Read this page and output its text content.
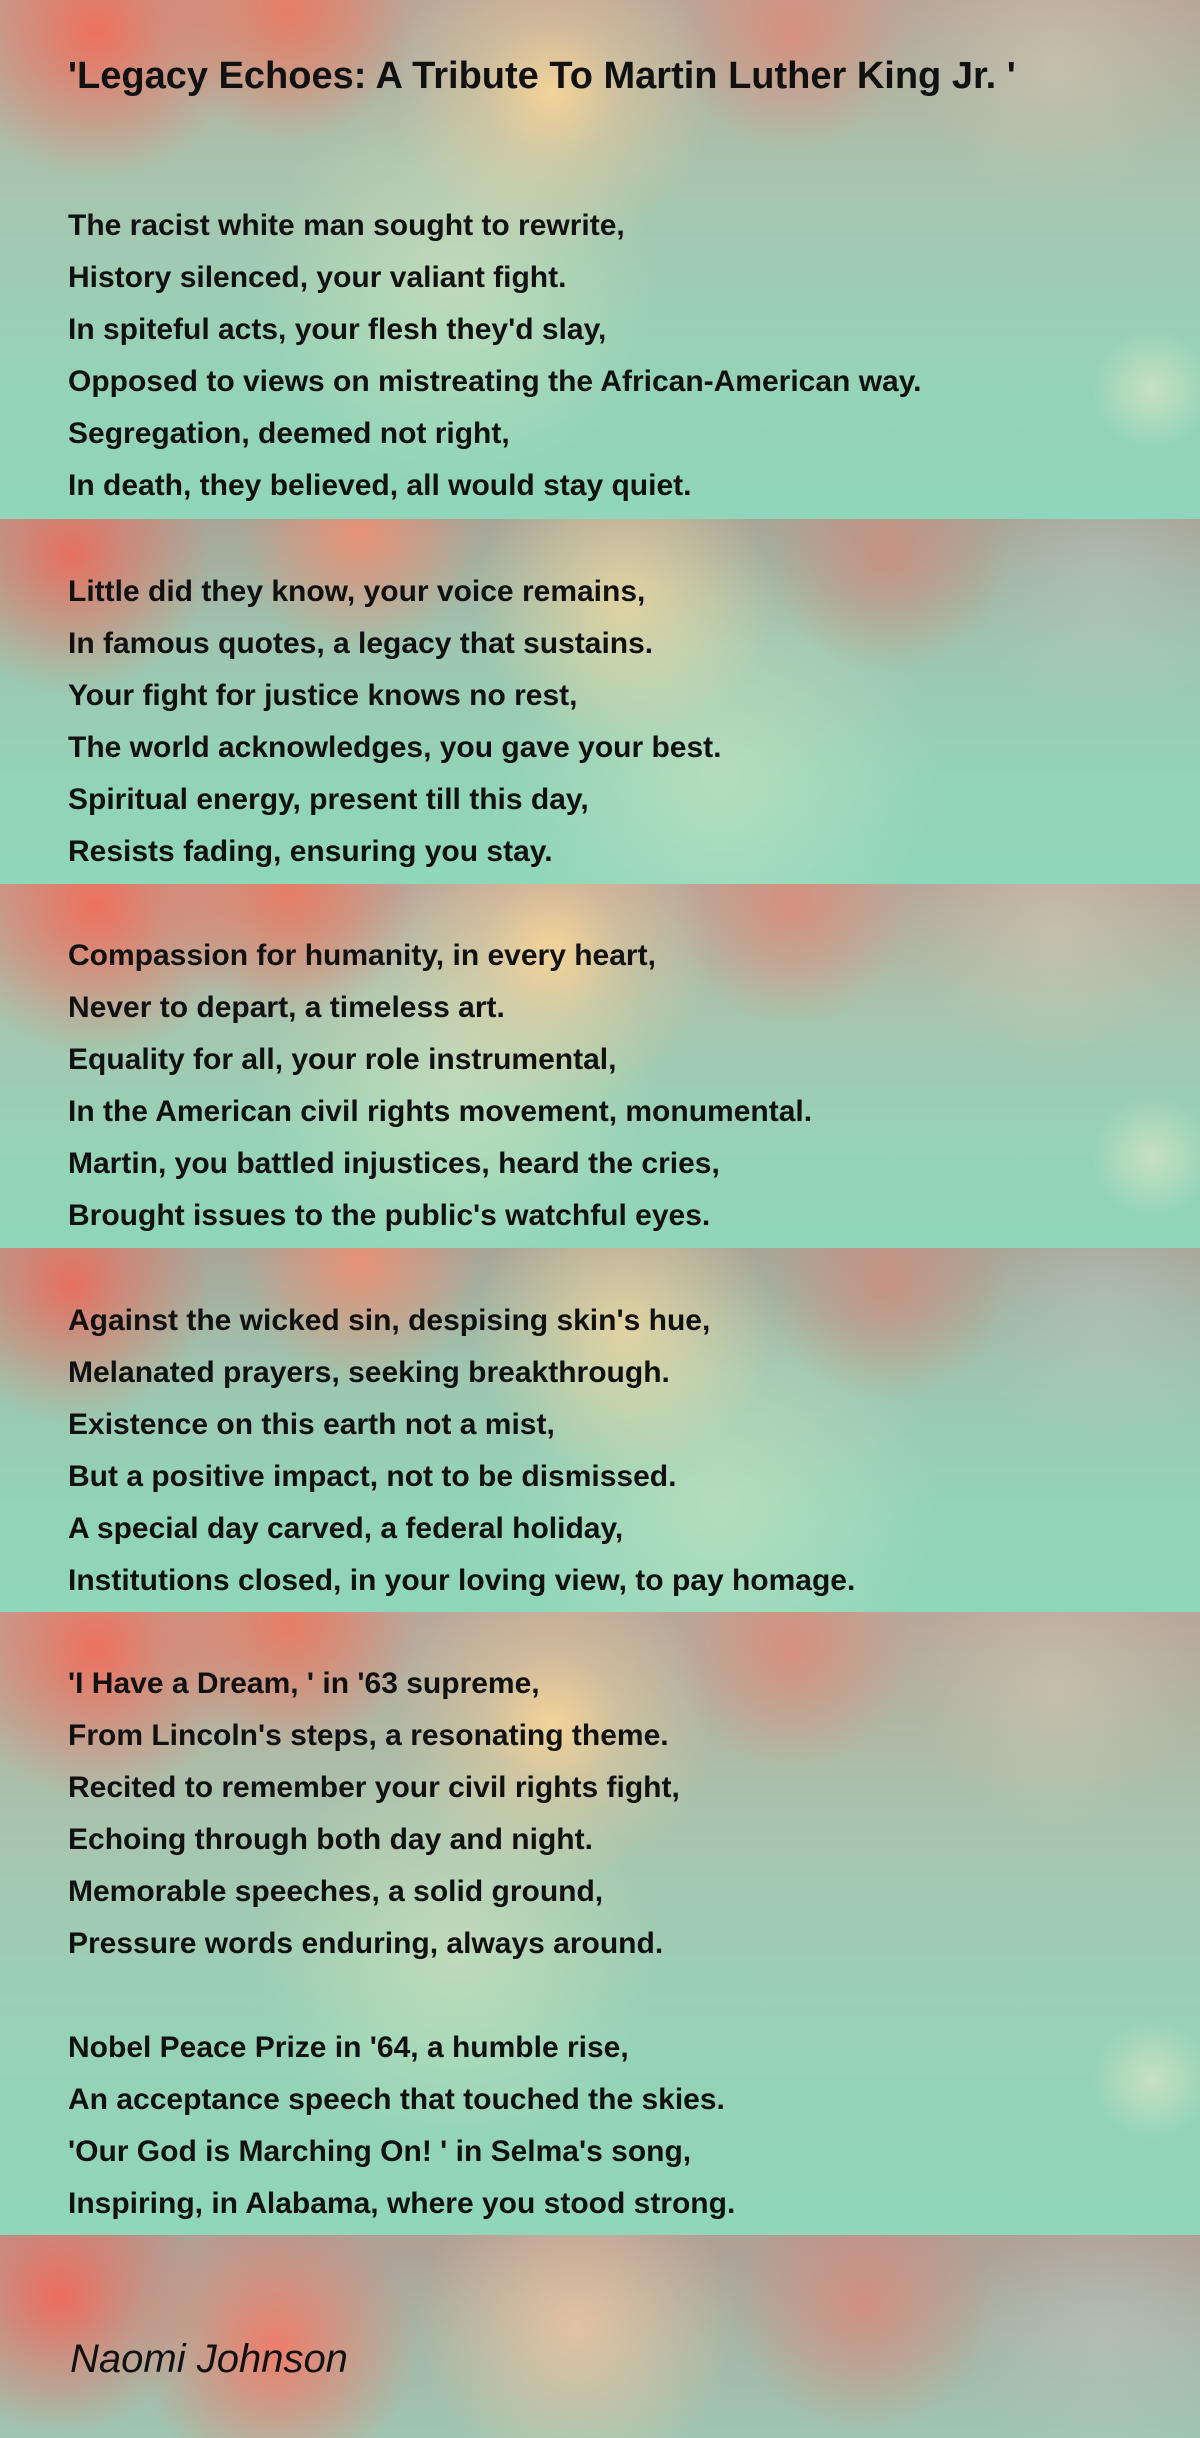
'Legacy Echoes: A Tribute To Martin Luther King Jr. '
The racist white man sought to rewrite,
History silenced, your valiant fight.
In spiteful acts, your flesh they'd slay,
Opposed to views on mistreating the African-American way.
Segregation, deemed not right,
In death, they believed, all would stay quiet.
Little did they know, your voice remains,
In famous quotes, a legacy that sustains.
Your fight for justice knows no rest,
The world acknowledges, you gave your best.
Spiritual energy, present till this day,
Resists fading, ensuring you stay.
Compassion for humanity, in every heart,
Never to depart, a timeless art.
Equality for all, your role instrumental,
In the American civil rights movement, monumental.
Martin, you battled injustices, heard the cries,
Brought issues to the public's watchful eyes.
Against the wicked sin, despising skin's hue,
Melanated prayers, seeking breakthrough.
Existence on this earth not a mist,
But a positive impact, not to be dismissed.
A special day carved, a federal holiday,
Institutions closed, in your loving view, to pay homage.
'I Have a Dream, ' in '63 supreme,
From Lincoln's steps, a resonating theme.
Recited to remember your civil rights fight,
Echoing through both day and night.
Memorable speeches, a solid ground,
Pressure words enduring, always around.
Nobel Peace Prize in '64, a humble rise,
An acceptance speech that touched the skies.
'Our God is Marching On! ' in Selma's song,
Inspiring, in Alabama, where you stood strong.
Naomi Johnson
